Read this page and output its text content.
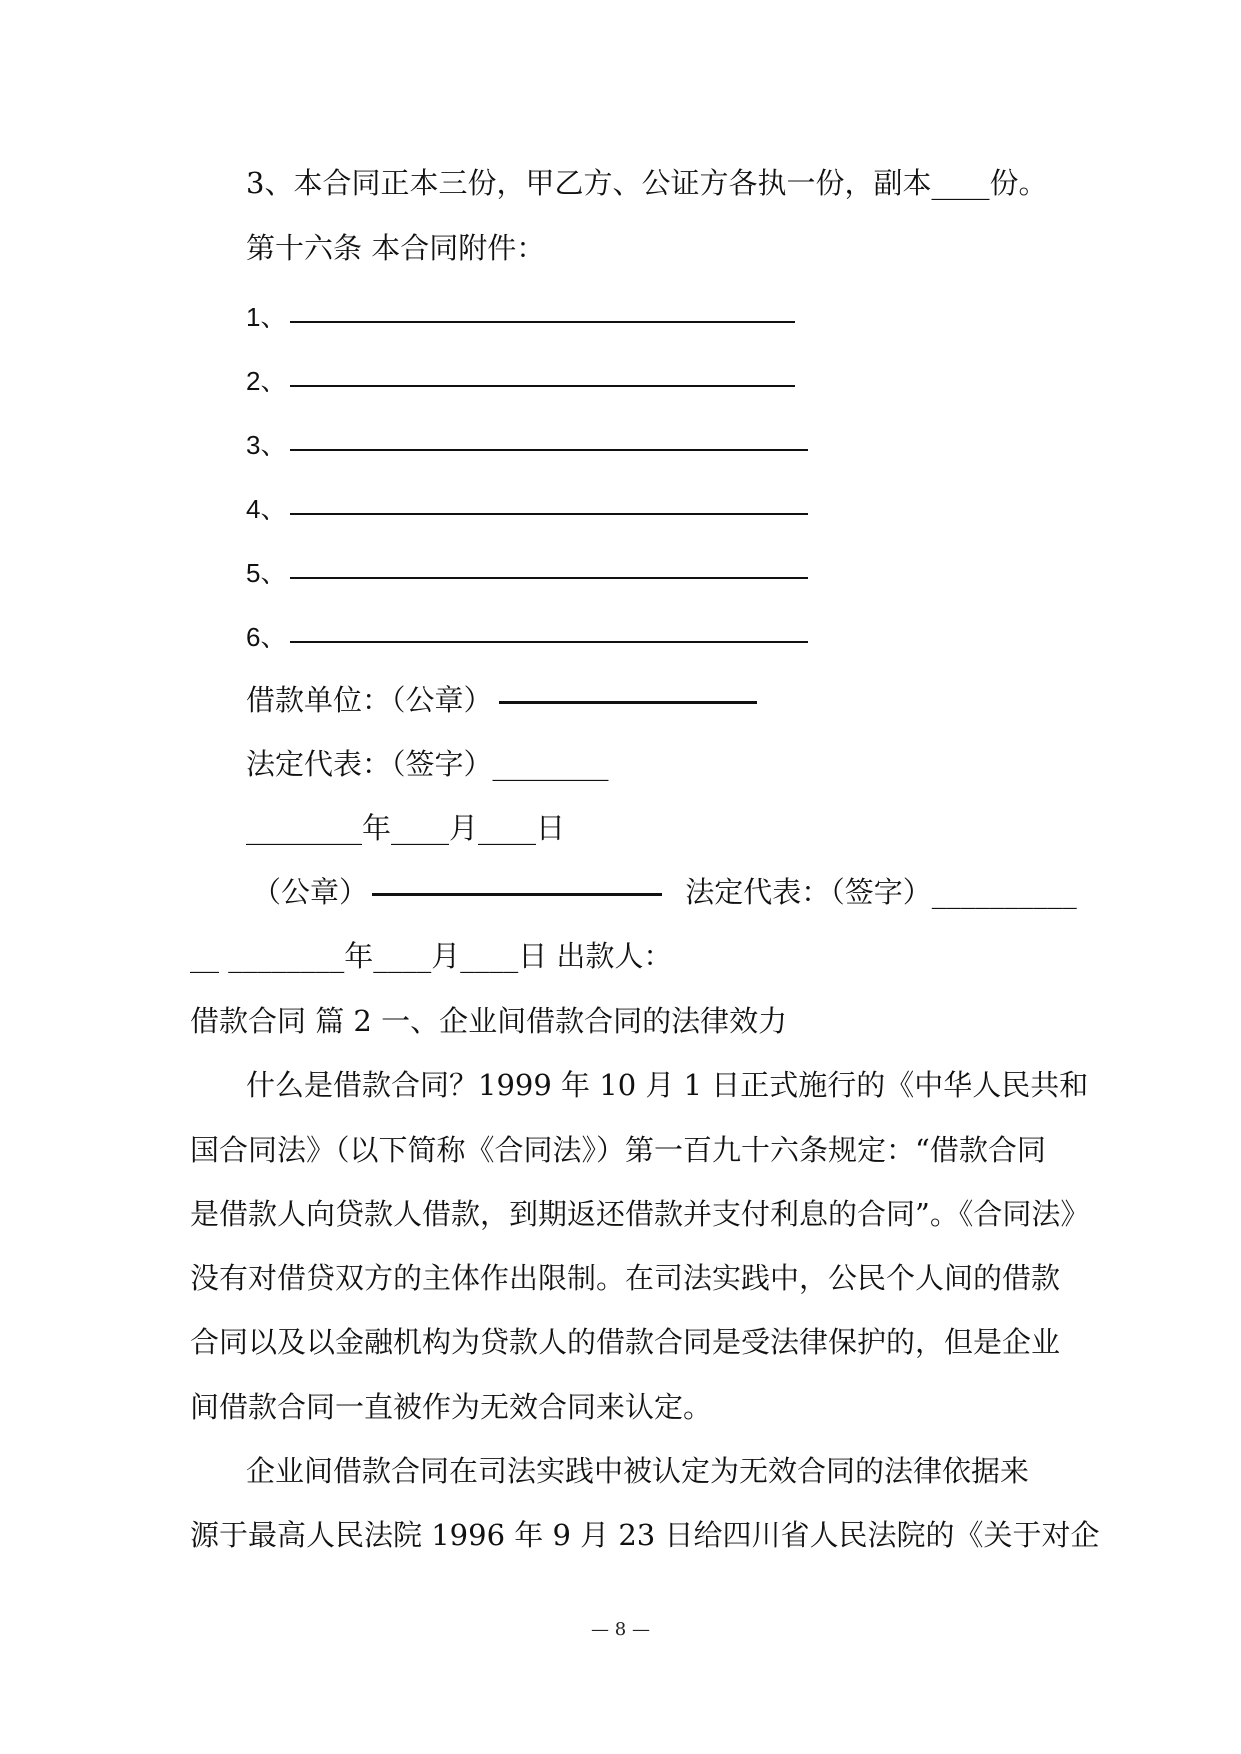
3、本合同正本三份，甲乙方、公证方各执一份，副本____份。
第十六条 本合同附件：
1、
2、
3、
4、
5、
6、
借款单位：（公章）
法定代表：（签字）________
________年____月____日
（公章）	法定代表：（签字）__________
__ ________年____月____日 出款人：
借款合同 篇 2 一、企业间借款合同的法律效力
什么是借款合同？1999 年 10 月 1 日正式施行的《中华人民共和
国合同法》（以下简称《合同法》）第一百九十六条规定：“借款合同
是借款人向贷款人借款，到期返还借款并支付利息的合同”。《合同法》
没有对借贷双方的主体作出限制。在司法实践中，公民个人间的借款
合同以及以金融机构为贷款人的借款合同是受法律保护的，但是企业
间借款合同一直被作为无效合同来认定。
企业间借款合同在司法实践中被认定为无效合同的法律依据来
源于最高人民法院 1996 年 9 月 23 日给四川省人民法院的《关于对企
— 8 —
